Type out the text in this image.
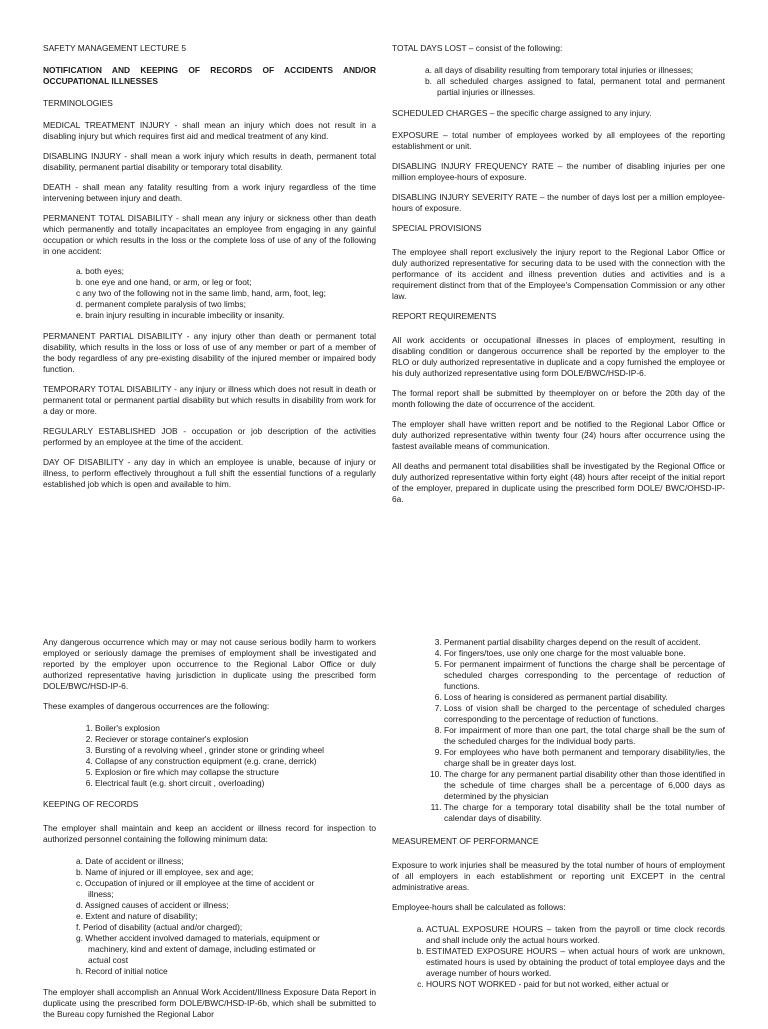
SAFETY MANAGEMENT LECTURE 5

NOTIFICATION AND KEEPING OF RECORDS OF ACCIDENTS AND/OR OCCUPATIONAL ILLNESSES

TERMINOLOGIES

MEDICAL TREATMENT INJURY - shall mean an injury which does not result in a disabling injury but which requires first aid and medical treatment of any kind.

DISABLING INJURY - shall mean a work injury which results in death, permanent total disability, permanent partial disability or temporary total disability.

DEATH - shall mean any fatality resulting from a work injury regardless of the time intervening between injury and death.

PERMANENT TOTAL DISABILITY - shall mean any injury or sickness other than death which permanently and totally incapacitates an employee from engaging in any gainful occupation or which results in the loss or the complete loss of use of any of the following in one accident:

a. both eyes;
b. one eye and one hand, or arm, or leg or foot;
c any two of the following not in the same limb, hand, arm, foot, leg;
d. permanent complete paralysis of two limbs;
e. brain injury resulting in incurable imbecility or insanity.

PERMANENT PARTIAL DISABILITY - any injury other than death or permanent total disability, which results in the loss or loss of use of any member or part of a member of the body regardless of any pre-existing disability of the injured member or impaired body function.

TEMPORARY TOTAL DISABILITY - any injury or illness which does not result in death or permanent total or permanent partial disability but which results in disability from work for a day or more.

REGULARLY ESTABLISHED JOB - occupation or job description of the activities performed by an employee at the time of the accident.

DAY OF DISABILITY - any day in which an employee is unable, because of injury or illness, to perform effectively throughout a full shift the essential functions of a regularly established job which is open and available to him.

TOTAL DAYS LOST – consist of the following:

a. all days of disability resulting from temporary total injuries or illnesses;
b. all scheduled charges assigned to fatal, permanent total and permanent partial injuries or illnesses.

SCHEDULED CHARGES – the specific charge assigned to any injury.

EXPOSURE – total number of employees worked by all employees of the reporting establishment or unit.

DISABLING INJURY FREQUENCY RATE – the number of disabling injuries per one million employee-hours of exposure.

DISABLING INJURY SEVERITY RATE – the number of days lost per a million employee-hours of exposure.

SPECIAL PROVISIONS

The employee shall report exclusively the injury report to the Regional Labor Office or duly authorized representative for securing data to be used with the connection with the performance of its accident and illness prevention duties and activities and is a requirement distinct from that of the Employee's Compensation Commission or any other law.

REPORT REQUIREMENTS

All work accidents or occupational illnesses in places of employment, resulting in disabling condition or dangerous occurrence shall be reported by the employer to the RLO or duly authorized representative in duplicate and a copy furnished the employee or his duly authorized representative using form DOLE/BWC/HSD-IP-6.

The formal report shall be submitted by theemployer on or before the 20th day of the month following the date of occurrence of the accident.

The employer shall have written report and be notified to the Regional Labor Office or duly authorized representative within twenty four (24) hours after occurrence using the fastest available means of communication.

All deaths and permanent total disabilities shall be investigated by the Regional Office or duly authorized representative within forty eight (48) hours after receipt of the initial report of the employer, prepared in duplicate using the prescribed form DOLE/ BWC/OHSD-IP-6a.

Any dangerous occurrence which may or may not cause serious bodily harm to workers employed or seriously damage the premises of employment shall be investigated and reported by the employer upon occurrence to the Regional Labor Office or duly authorized representative having jurisdiction in duplicate using the prescribed form DOLE/BWC/HSD-IP-6.

These examples of dangerous occurrences are the following:

1. Boiler's explosion
2. Reciever or storage container's explosion
3. Bursting of a revolving wheel , grinder stone or grinding wheel
4. Collapse of any construction equipment (e.g. crane, derrick)
5. Explosion or fire which may collapse the structure
6. Electrical fault (e.g. short circuit , overloading)
KEEPING OF RECORDS

The employer shall maintain and keep an accident or illness record for inspection to authorized personnel containing the following minimum data:

a. Date of accident or illness;
b. Name of injured or ill employee, sex and age;
c. Occupation of injured or ill employee at the time of accident or illness;
d. Assigned causes of accident or illness;
e. Extent and nature of disability;
f. Period of disability (actual and/or charged);
g. Whether accident involved damaged to materials, equipment or machinery, kind and extent of damage, including estimated or actual cost
h. Record of initial notice

The employer shall accomplish an Annual Work Accident/Illness Exposure Data Report in duplicate using the prescribed form DOLE/BWC/HSD-IP-6b, which shall be submitted to the Bureau copy furnished the Regional Labor

3. Permanent partial disability charges depend on the result of accident.
4. For fingers/toes, use only one charge for the most valuable bone.
5. For permanent impairment of functions the charge shall be percentage of scheduled charges corresponding to the percentage of reduction of functions.
6. Loss of hearing is considered as permanent partial disability.
7. Loss of vision shall be charged to the percentage of scheduled charges corresponding to the percentage of reduction of functions.
8. For impairment of more than one part, the total charge shall be the sum of the scheduled charges for the individual body parts.
9. For employees who have both permanent and temporary disability/ies, the charge shall be in greater days lost.
10. The charge for any permanent partial disability other than those identified in the schedule of time charges shall be a percentage of 6,000 days as determined by the physician
11. The charge for a temporary total disability shall be the total number of calendar days of disability.
MEASUREMENT OF PERFORMANCE

Exposure to work injuries shall be measured by the total number of hours of employment of all employers in each establishment or reporting unit EXCEPT in the central administrative areas.

Employee-hours shall be calculated as follows:

a. ACTUAL EXPOSURE HOURS – taken from the payroll or time clock records and shall include only the actual hours worked.
b. ESTIMATED EXPOSURE HOURS – when actual hours of work are unknown, estimated hours is used by obtaining the product of total employee days and the average number of hours worked.
c. HOURS NOT WORKED - paid for but not worked, either actual or
